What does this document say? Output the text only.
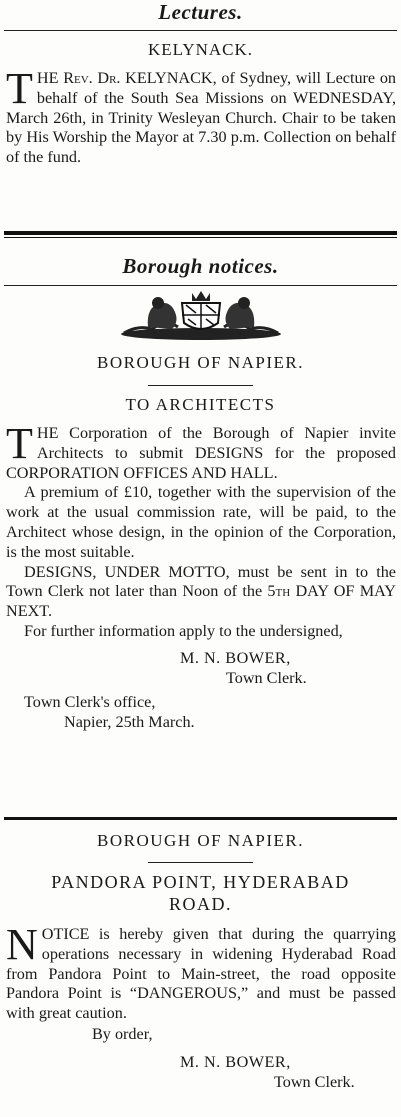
Lectures.

KELYNACK.

THE Rev. Dr. KELYNACK, of Sydney, will Lecture on behalf of the South Sea Missions on WEDNESDAY, March 26th, in Trinity Wesleyan Church. Chair to be taken by His Worship the Mayor at 7.30 p.m. Collection on behalf of the fund.

Borough notices.

BOROUGH OF NAPIER.

TO ARCHITECTS

THE Corporation of the Borough of Napier invite Architects to submit DESIGNS for the proposed CORPORATION OFFICES AND HALL.

A premium of £10, together with the supervision of the work at the usual commission rate, will be paid, to the Architect whose design, in the opinion of the Corporation, is the most suitable.

DESIGNS, UNDER MOTTO, must be sent in to the Town Clerk not later than Noon of the 5th DAY OF MAY NEXT.

For further information apply to the undersigned,

M. N. BOWER,

Town Clerk.

Town Clerk's office,

Napier, 25th March.

BOROUGH OF NAPIER.

PANDORA POINT, HYDERABAD

ROAD.

NOTICE is hereby given that during the quarrying operations necessary in widening Hyderabad Road from Pandora Point to Main-street, the road opposite Pandora Point is “DANGEROUS,” and must be passed with great caution.

By order,

M. N. BOWER,

Town Clerk.
